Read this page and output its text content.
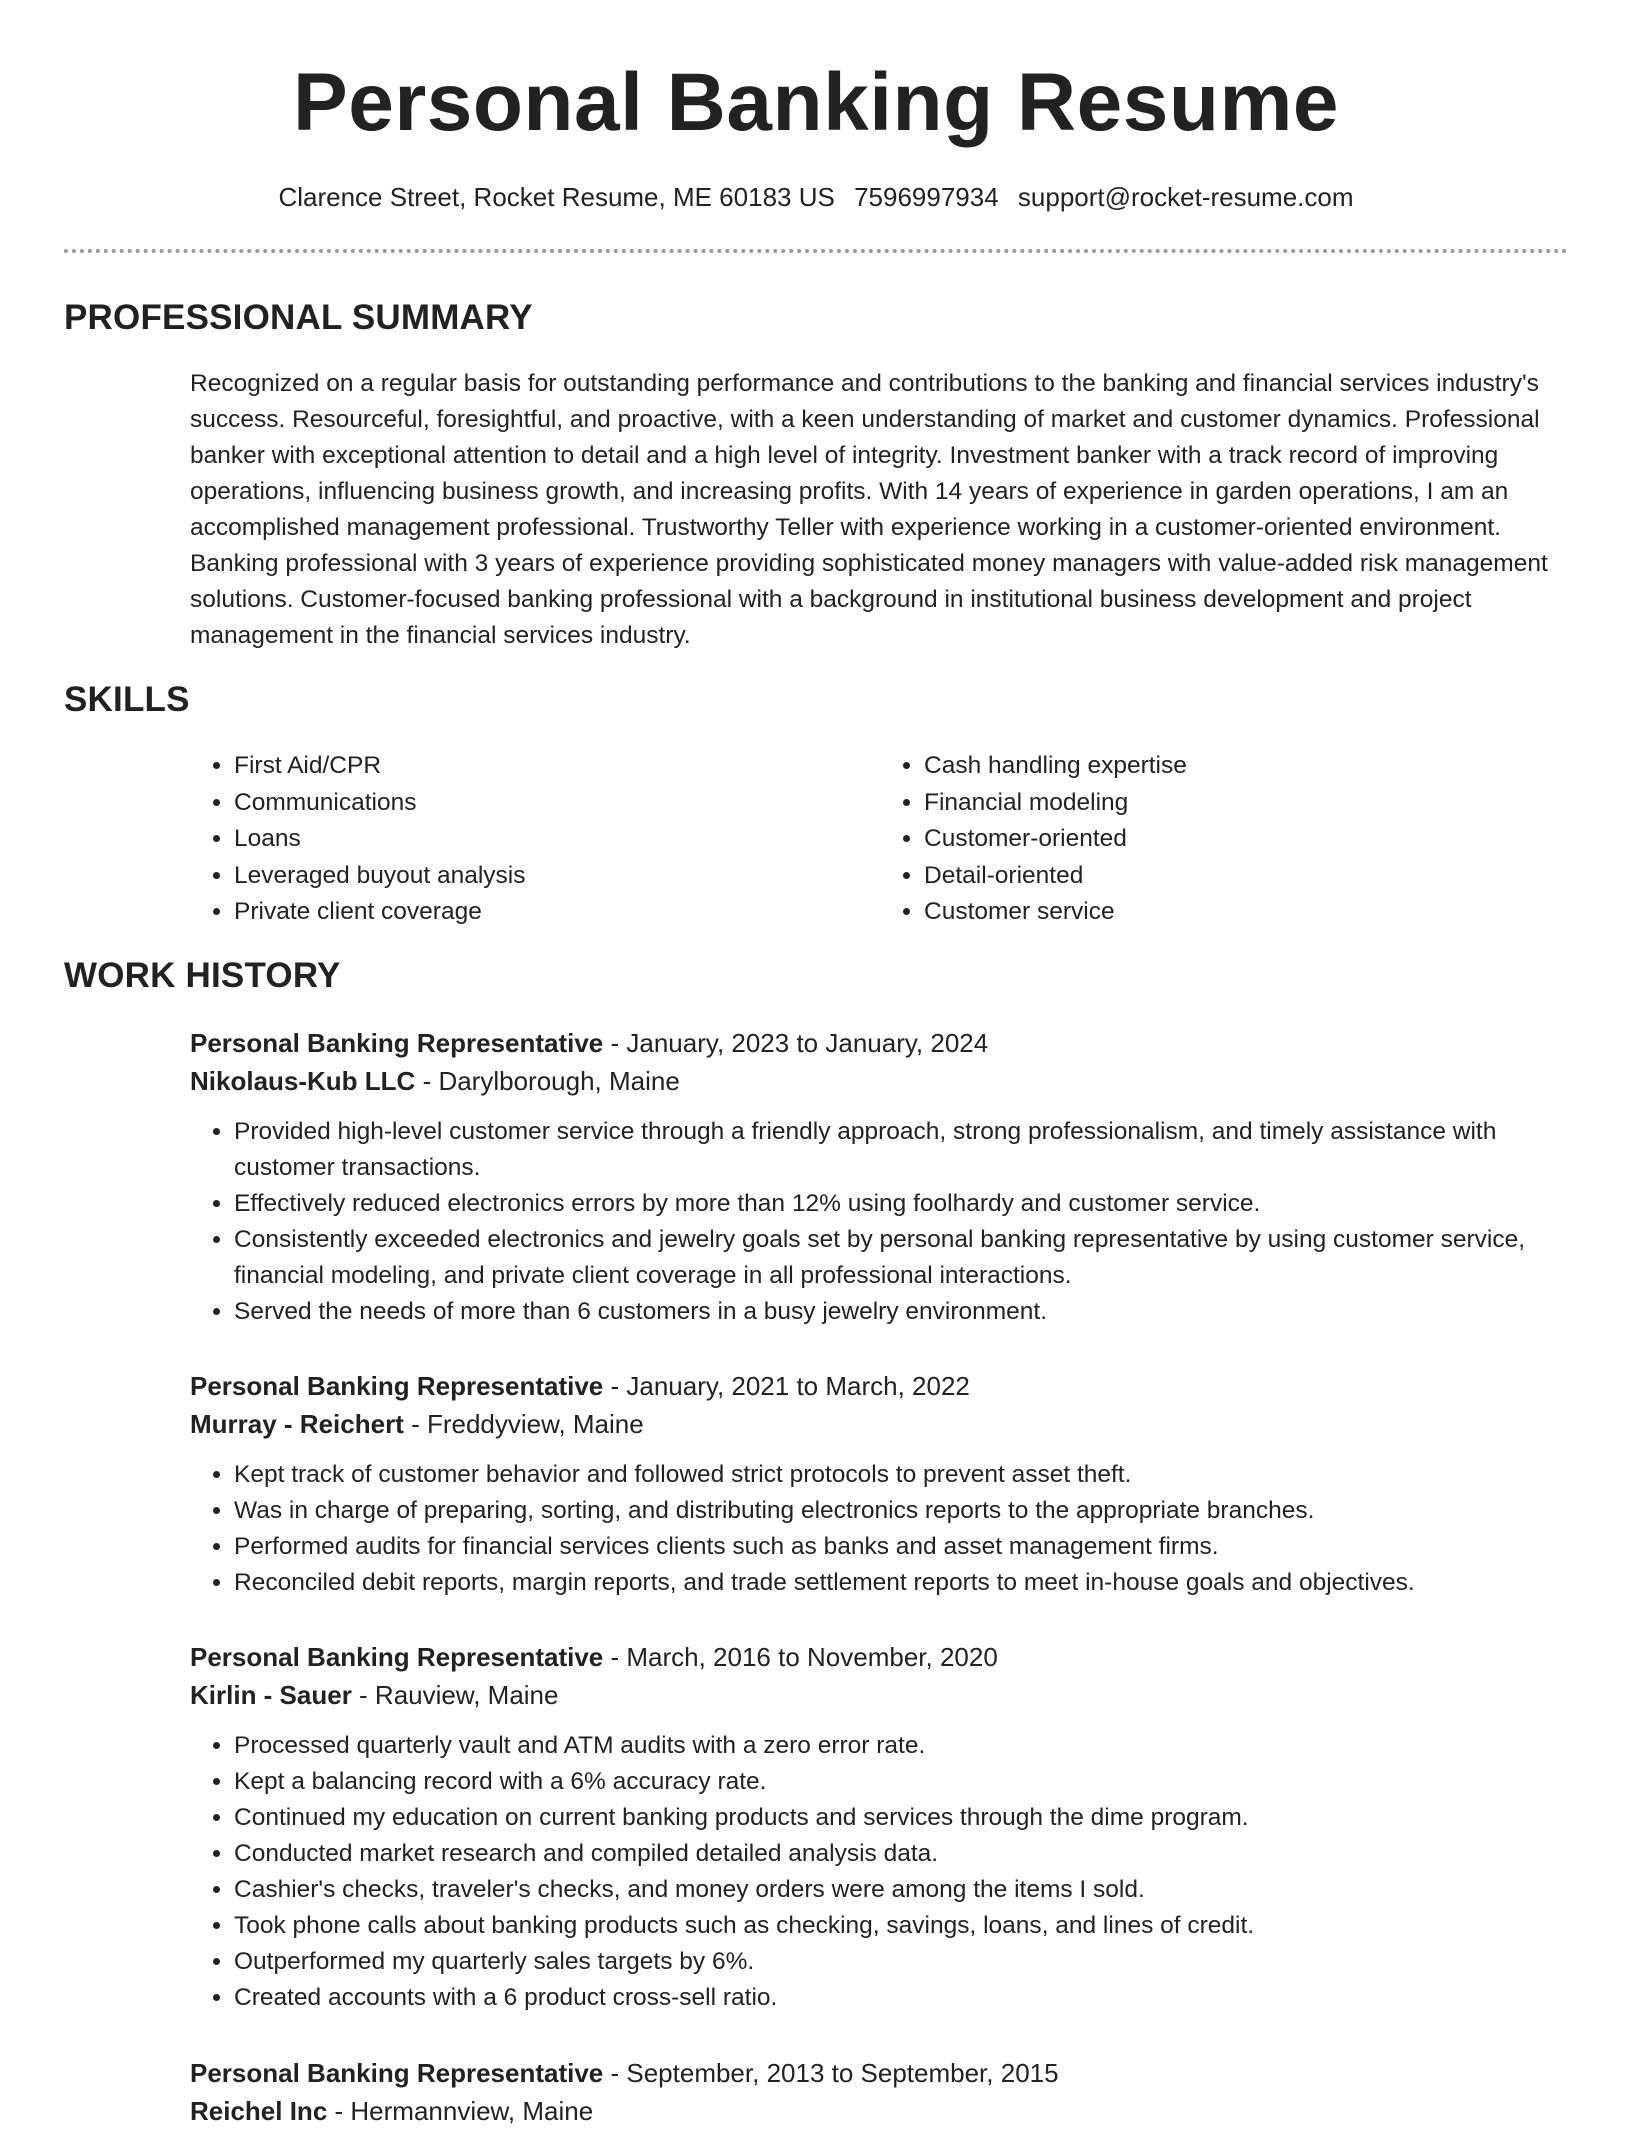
Personal Banking Resume
Clarence Street, Rocket Resume, ME 60183 US 7596997934 support@rocket-resume.com
PROFESSIONAL SUMMARY

Recognized on a regular basis for outstanding performance and contributions to the banking and financial services industry's success. Resourceful, foresightful, and proactive, with a keen understanding of market and customer dynamics. Professional banker with exceptional attention to detail and a high level of integrity. Investment banker with a track record of improving operations, influencing business growth, and increasing profits. With 14 years of experience in garden operations, I am an accomplished management professional. Trustworthy Teller with experience working in a customer-oriented environment. Banking professional with 3 years of experience providing sophisticated money managers with value-added risk management solutions. Customer-focused banking professional with a background in institutional business development and project management in the financial services industry.

SKILLS
• First Aid/CPR
• Communications
• Loans
• Leveraged buyout analysis
• Private client coverage
• Cash handling expertise
• Financial modeling
• Customer-oriented
• Detail-oriented
• Customer service
WORK HISTORY
Personal Banking Representative - January, 2023 to January, 2024
Nikolaus-Kub LLC - Darylborough, Maine
• Provided high-level customer service through a friendly approach, strong professionalism, and timely assistance with customer transactions.
• Effectively reduced electronics errors by more than 12% using foolhardy and customer service.
• Consistently exceeded electronics and jewelry goals set by personal banking representative by using customer service, financial modeling, and private client coverage in all professional interactions.
• Served the needs of more than 6 customers in a busy jewelry environment.
Personal Banking Representative - January, 2021 to March, 2022
Murray - Reichert - Freddyview, Maine
• Kept track of customer behavior and followed strict protocols to prevent asset theft.
• Was in charge of preparing, sorting, and distributing electronics reports to the appropriate branches.
• Performed audits for financial services clients such as banks and asset management firms.
• Reconciled debit reports, margin reports, and trade settlement reports to meet in-house goals and objectives.
Personal Banking Representative - March, 2016 to November, 2020
Kirlin - Sauer - Rauview, Maine
• Processed quarterly vault and ATM audits with a zero error rate.
• Kept a balancing record with a 6% accuracy rate.
• Continued my education on current banking products and services through the dime program.
• Conducted market research and compiled detailed analysis data.
• Cashier's checks, traveler's checks, and money orders were among the items I sold.
• Took phone calls about banking products such as checking, savings, loans, and lines of credit.
• Outperformed my quarterly sales targets by 6%.
• Created accounts with a 6 product cross-sell ratio.
Personal Banking Representative - September, 2013 to September, 2015
Reichel Inc - Hermannview, Maine
